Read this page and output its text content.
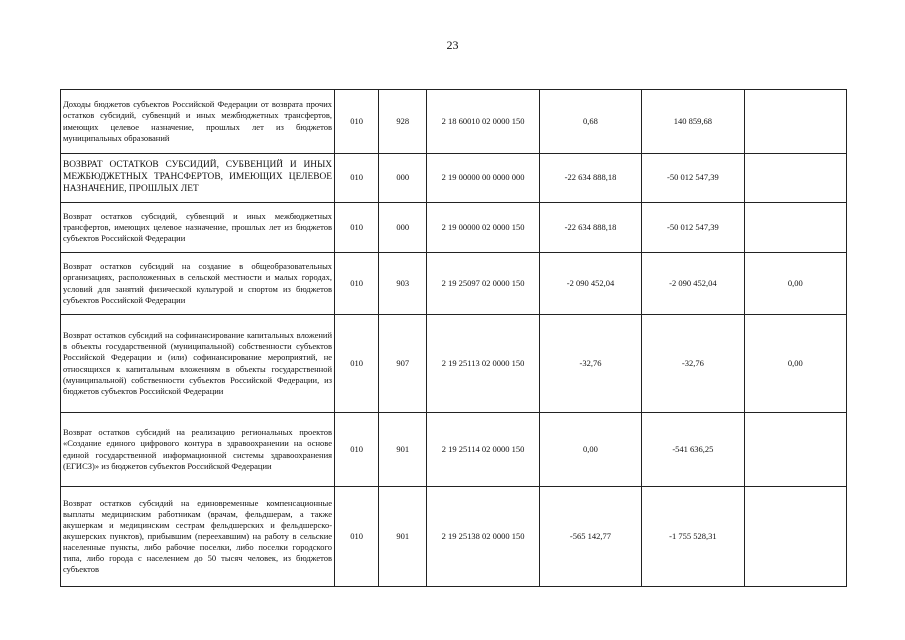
23
Доходы бюджетов субъектов Российской Федерации от возврата прочих остатков субсидий, субвенций и иных межбюджетных трансфертов, имеющих целевое назначение, прошлых лет из бюджетов муниципальных образований	010	928	2 18 60010 02 0000 150	0,68	140 859,68	
ВОЗВРАТ ОСТАТКОВ СУБСИДИЙ, СУБВЕНЦИЙ И ИНЫХ МЕЖБЮДЖЕТНЫХ ТРАНСФЕРТОВ, ИМЕЮЩИХ ЦЕЛЕВОЕ НАЗНАЧЕНИЕ, ПРОШЛЫХ ЛЕТ	010	000	2 19 00000 00 0000 000	-22 634 888,18	-50 012 547,39	
Возврат остатков субсидий, субвенций и иных межбюджетных трансфертов, имеющих целевое назначение, прошлых лет из бюджетов субъектов Российской Федерации	010	000	2 19 00000 02 0000 150	-22 634 888,18	-50 012 547,39	
Возврат остатков субсидий на создание в общеобразовательных организациях, расположенных в сельской местности и малых городах, условий для занятий физической культурой и спортом из бюджетов субъектов Российской Федерации	010	903	2 19 25097 02 0000 150	-2 090 452,04	-2 090 452,04	0,00
Возврат остатков субсидий на софинансирование капитальных вложений в объекты государственной (муниципальной) собственности субъектов Российской Федерации и (или) софинансирование мероприятий, не относящихся к капитальным вложениям в объекты государственной (муниципальной) собственности субъектов Российской Федерации, из бюджетов субъектов Российской Федерации	010	907	2 19 25113 02 0000 150	-32,76	-32,76	0,00
Возврат остатков субсидий на реализацию региональных проектов «Создание единого цифрового контура в здравоохранении на основе единой государственной информационной системы здравоохранения (ЕГИСЗ)» из бюджетов субъектов Российской Федерации	010	901	2 19 25114 02 0000 150	0,00	-541 636,25	
Возврат остатков субсидий на единовременные компенсационные выплаты медицинским работникам (врачам, фельдшерам, а также акушеркам и медицинским сестрам фельдшерских и фельдшерско-акушерских пунктов), прибывшим (переехавшим) на работу в сельские населенные пункты, либо рабочие поселки, либо поселки городского типа, либо города с населением до 50 тысяч человек, из бюджетов субъектов	010	901	2 19 25138 02 0000 150	-565 142,77	-1 755 528,31	
